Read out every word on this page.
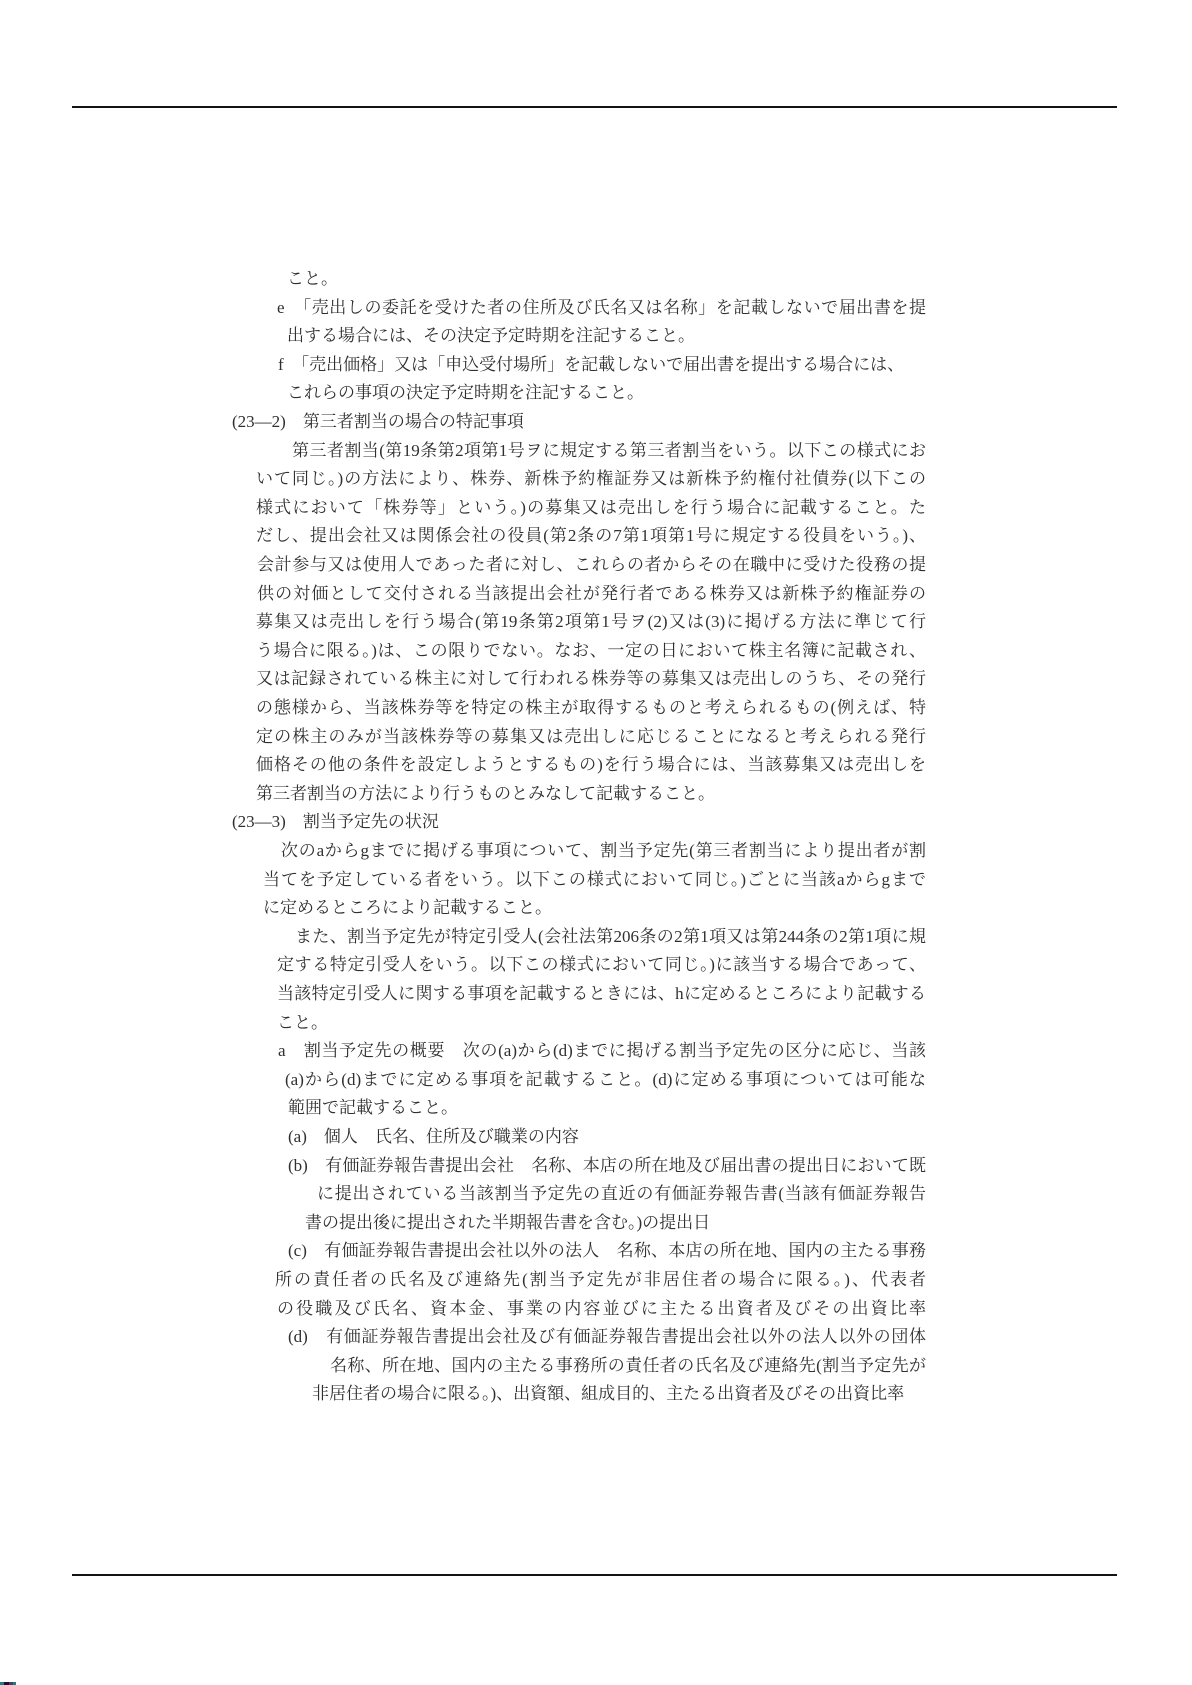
こと。
e　「売出しの委託を受けた者の住所及び氏名又は名称」を記載しないで届出書を提
出する場合には、その決定予定時期を注記すること。
f　「売出価格」又は「申込受付場所」を記載しないで届出書を提出する場合には、
これらの事項の決定予定時期を注記すること。
(23―2)　第三者割当の場合の特記事項
第三者割当(第19条第2項第1号ヲに規定する第三者割当をいう。以下この様式にお
いて同じ。)の方法により、株券、新株予約権証券又は新株予約権付社債券(以下この
様式において「株券等」という。)の募集又は売出しを行う場合に記載すること。た
だし、提出会社又は関係会社の役員(第2条の7第1項第1号に規定する役員をいう。)、
会計参与又は使用人であった者に対し、これらの者からその在職中に受けた役務の提
供の対価として交付される当該提出会社が発行者である株券又は新株予約権証券の
募集又は売出しを行う場合(第19条第2項第1号ヲ(2)又は(3)に掲げる方法に準じて行
う場合に限る。)は、この限りでない。なお、一定の日において株主名簿に記載され、
又は記録されている株主に対して行われる株券等の募集又は売出しのうち、その発行
の態様から、当該株券等を特定の株主が取得するものと考えられるもの(例えば、特
定の株主のみが当該株券等の募集又は売出しに応じることになると考えられる発行
価格その他の条件を設定しようとするもの)を行う場合には、当該募集又は売出しを
第三者割当の方法により行うものとみなして記載すること。
(23―3)　割当予定先の状況
次のaからgまでに掲げる事項について、割当予定先(第三者割当により提出者が割
当てを予定している者をいう。以下この様式において同じ。)ごとに当該aからgまで
に定めるところにより記載すること。
また、割当予定先が特定引受人(会社法第206条の2第1項又は第244条の2第1項に規
定する特定引受人をいう。以下この様式において同じ。)に該当する場合であって、
当該特定引受人に関する事項を記載するときには、hに定めるところにより記載する
こと。
a　割当予定先の概要　次の(a)から(d)までに掲げる割当予定先の区分に応じ、当該
(a)から(d)までに定める事項を記載すること。(d)に定める事項については可能な
範囲で記載すること。
(a)　個人　氏名、住所及び職業の内容
(b)　有価証券報告書提出会社　名称、本店の所在地及び届出書の提出日において既
に提出されている当該割当予定先の直近の有価証券報告書(当該有価証券報告
書の提出後に提出された半期報告書を含む。)の提出日
(c)　有価証券報告書提出会社以外の法人　名称、本店の所在地、国内の主たる事務
所の責任者の氏名及び連絡先(割当予定先が非居住者の場合に限る。)、代表者
の役職及び氏名、資本金、事業の内容並びに主たる出資者及びその出資比率
(d)　有価証券報告書提出会社及び有価証券報告書提出会社以外の法人以外の団体
名称、所在地、国内の主たる事務所の責任者の氏名及び連絡先(割当予定先が
非居住者の場合に限る。)、出資額、組成目的、主たる出資者及びその出資比率
